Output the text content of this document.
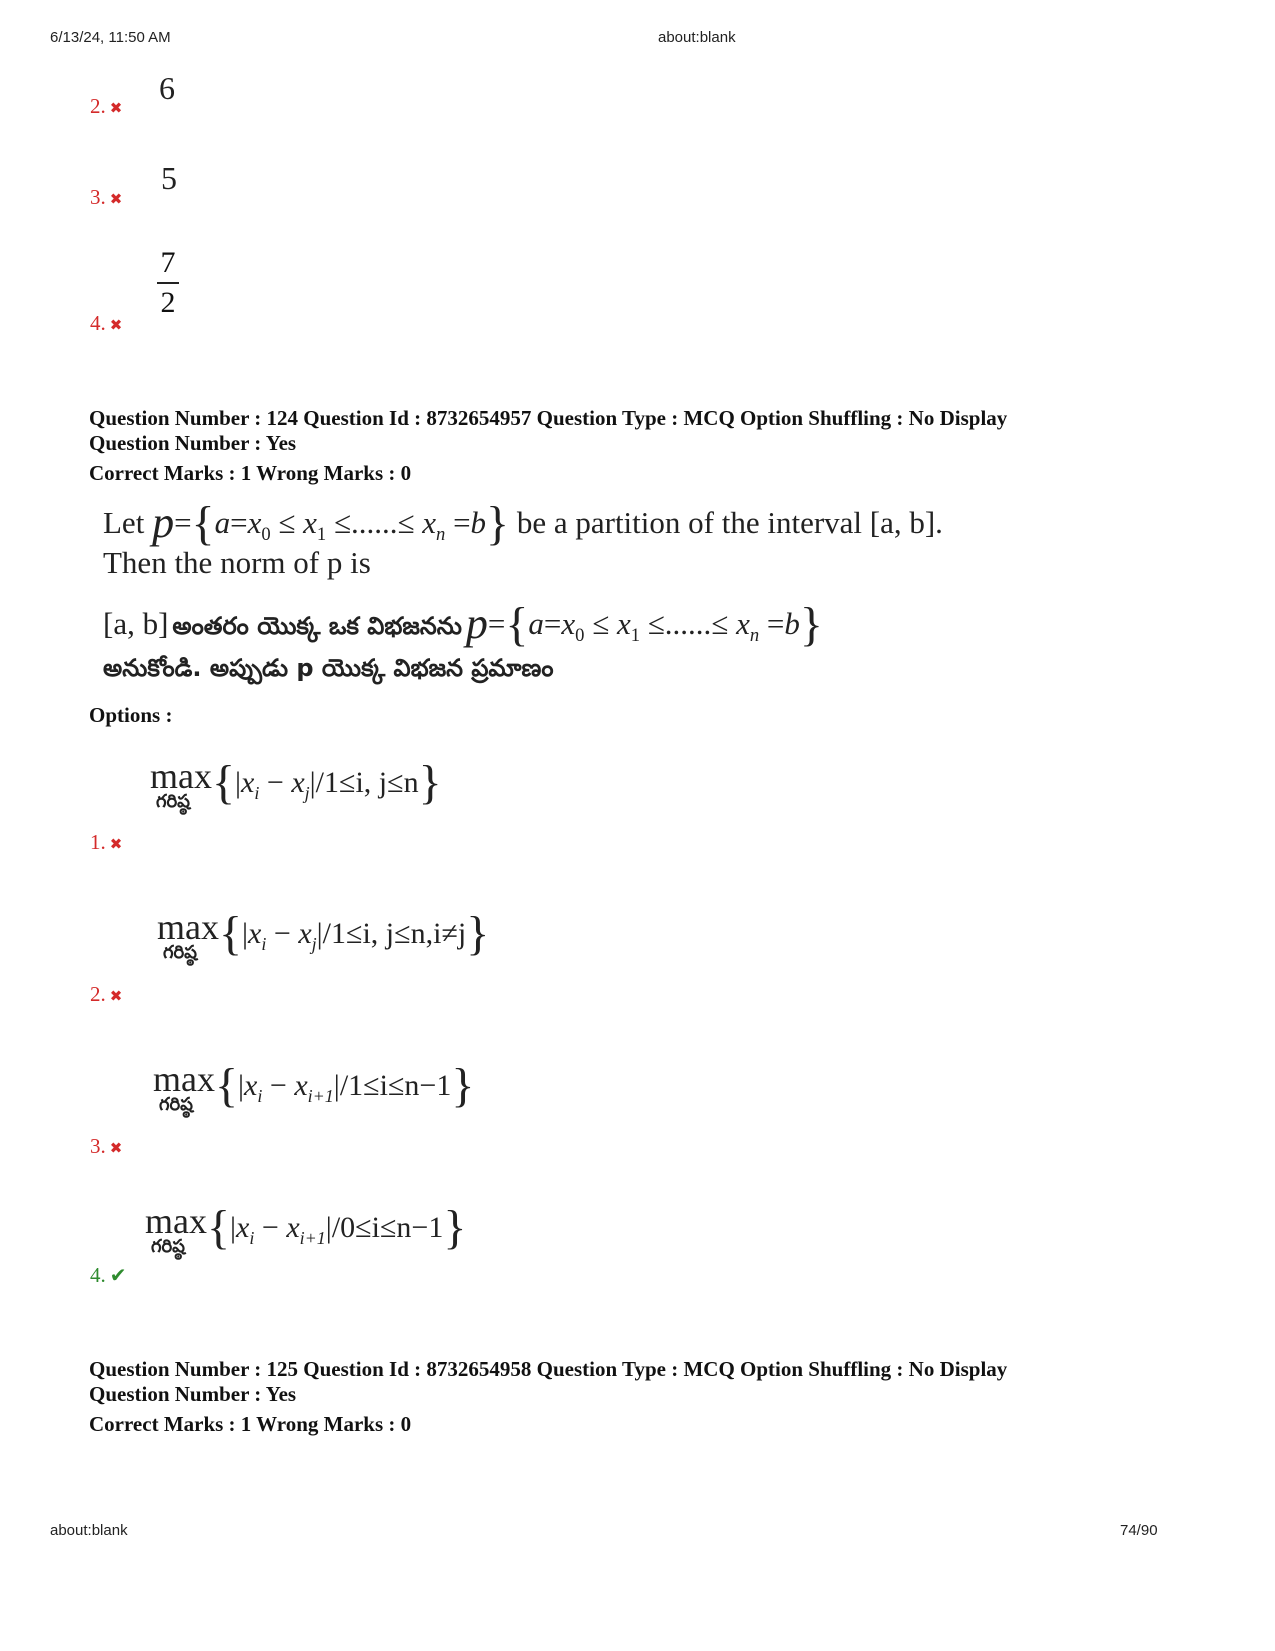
6/13/24, 11:50 AM	about:blank
2. ✖
6
3. ✖
5
4. ✖
7
2
Question Number : 124 Question Id : 8732654957 Question Type : MCQ Option Shuffling : No Display
Question Number : Yes
Correct Marks : 1 Wrong Marks : 0
Let $p=\{a=x_0 \le x_1$ ≤......≤ $x_n =b$} be a partition of the interval [a, b].
Then the norm of p is
[a, b] అంతరం యొక్క ఒక విభజనను $p=\{a=x_0 \le x_1$ ≤......≤ $x_n =b$}
అనుకోండి. అప్పుడు p యొక్క విభజన ప్రమాణం
Options :
max
గరిష్ఠ {$|x_i - x_j|/1\le i$, j≤n}
1. ✖
max
గరిష్ఠ {$|x_i - x_j|/1\le i$, j≤n,i≠j}
2. ✖
max
గరిష్ఠ $\{|x_i - x_{i+1}|/1\le i\le n-1\}$
3. ✖
max
గరిష్ఠ $\{|x_i - x_{i+1}|/0\le i\le n-1\}$
4. ✔
Question Number : 125 Question Id : 8732654958 Question Type : MCQ Option Shuffling : No Display
Question Number : Yes
Correct Marks : 1 Wrong Marks : 0
about:blank	74/90
